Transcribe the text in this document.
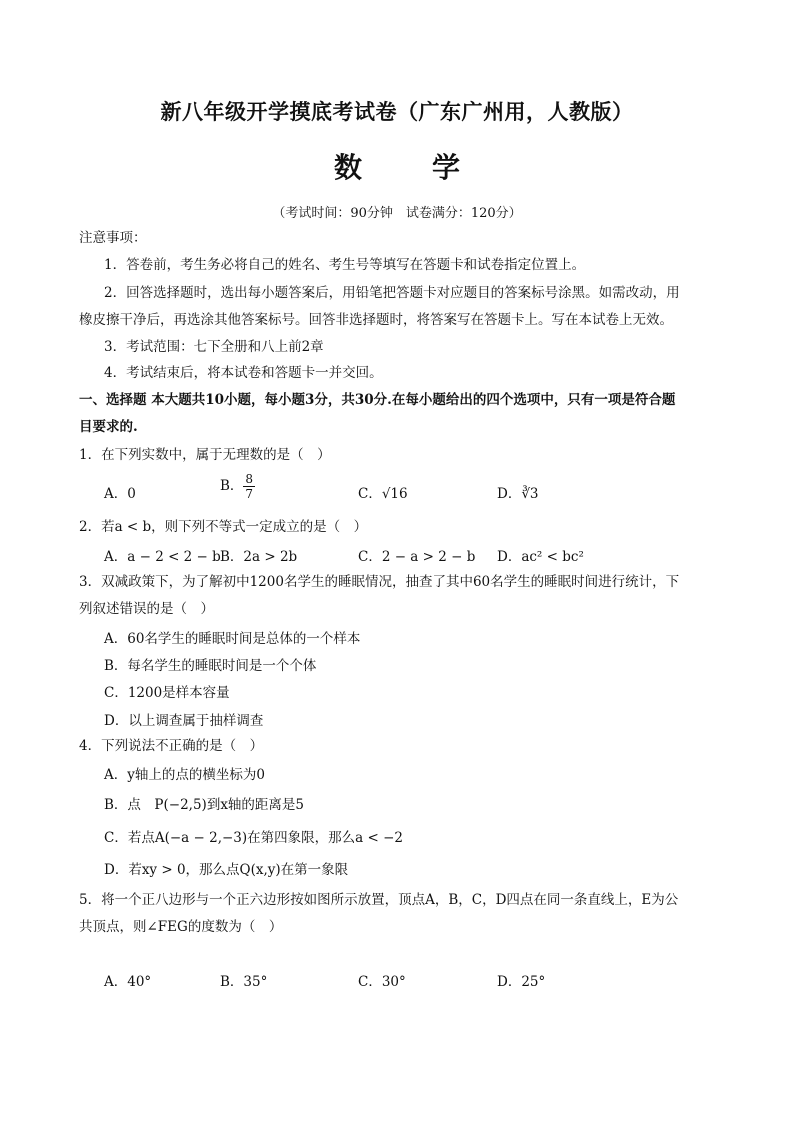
新八年级开学摸底考试卷（广东广州用，人教版）
数	学
（考试时间：90分钟　试卷满分：120分）
注意事项：
1．答卷前，考生务必将自己的姓名、考生号等填写在答题卡和试卷指定位置上。
2．回答选择题时，选出每小题答案后，用铅笔把答题卡对应题目的答案标号涂黑。如需改动，用
橡皮擦干净后，再选涂其他答案标号。回答非选择题时，将答案写在答题卡上。写在本试卷上无效。
3．考试范围：七下全册和八上前2章
4．考试结束后，将本试卷和答题卡一并交回。
一、选择题 本大题共10小题，每小题3分，共30分.在每小题给出的四个选项中，只有一项是符合题
目要求的.
1．在下列实数中，属于无理数的是（　）
A．0	B． $\frac{8}{7}$	C．√16	D．∛3
2．若a < b，则下列不等式一定成立的是（　）
A．a − 2 < 2 − b B．2a > 2b	C．2 − a > 2 − b D．ac² < bc²
3．双减政策下，为了解初中1200名学生的睡眠情况，抽查了其中60名学生的睡眠时间进行统计，下
列叙述错误的是（　）
A．60名学生的睡眠时间是总体的一个样本
B．每名学生的睡眠时间是一个个体
C．1200是样本容量
D．以上调查属于抽样调查
4．下列说法不正确的是（　）
A．y轴上的点的横坐标为0
B．点　P(−2,5)到x轴的距离是5
C．若点A(−a − 2,−3)在第四象限，那么a < −2
D．若xy > 0，那么点Q(x,y)在第一象限
5．将一个正八边形与一个正六边形按如图所示放置，顶点A，B，C，D四点在同一条直线上，E为公
共顶点，则∠FEG的度数为（　）
A．40°	B．35°	C．30°	D．25°
